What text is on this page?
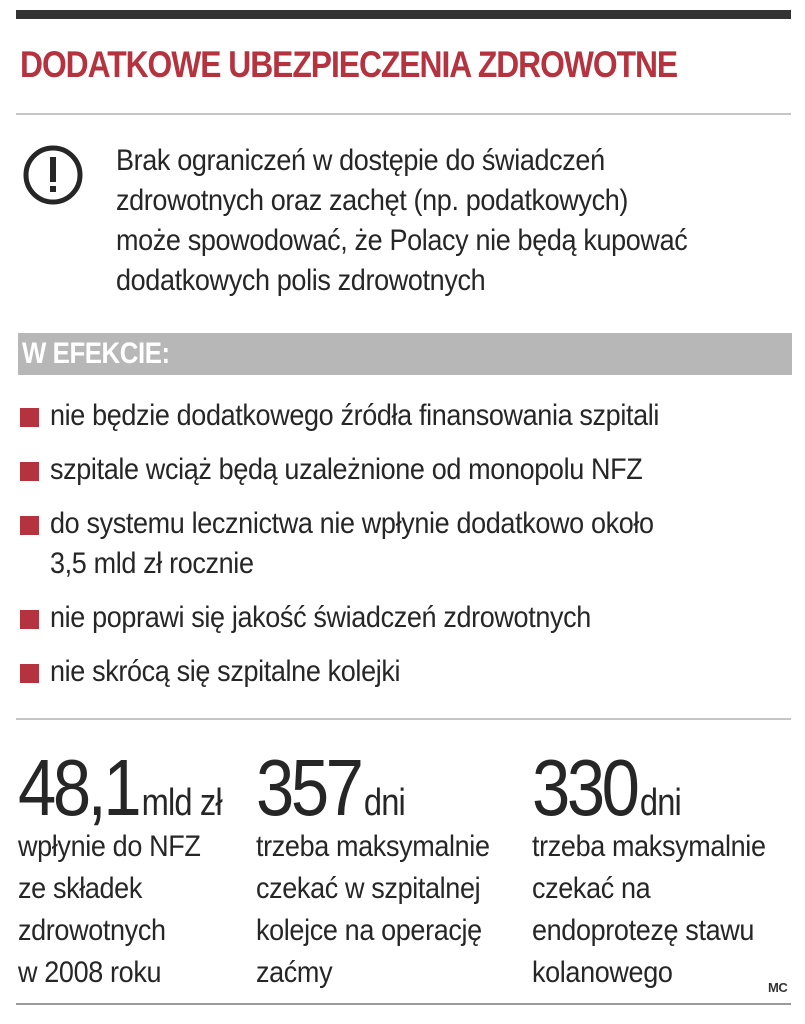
DODATKOWE UBEZPIECZENIA ZDROWOTNE
Brak ograniczeń w dostępie do świadczeń
zdrowotnych oraz zachęt (np. podatkowych)
może spowodować, że Polacy nie będą kupować
dodatkowych polis zdrowotnych
W EFEKCIE:
nie będzie dodatkowego źródła finansowania szpitali
szpitale wciąż będą uzależnione od monopolu NFZ
do systemu lecznictwa nie wpłynie dodatkowo około
3,5 mld zł rocznie
nie poprawi się jakość świadczeń zdrowotnych
nie skrócą się szpitalne kolejki
48,1mld zł
wpłynie do NFZ
ze składek
zdrowotnych
w 2008 roku
357dni
trzeba maksymalnie
czekać w szpitalnej
kolejce na operację
zaćmy
330dni
trzeba maksymalnie
czekać na
endoprotezę stawu
kolanowego	MC
